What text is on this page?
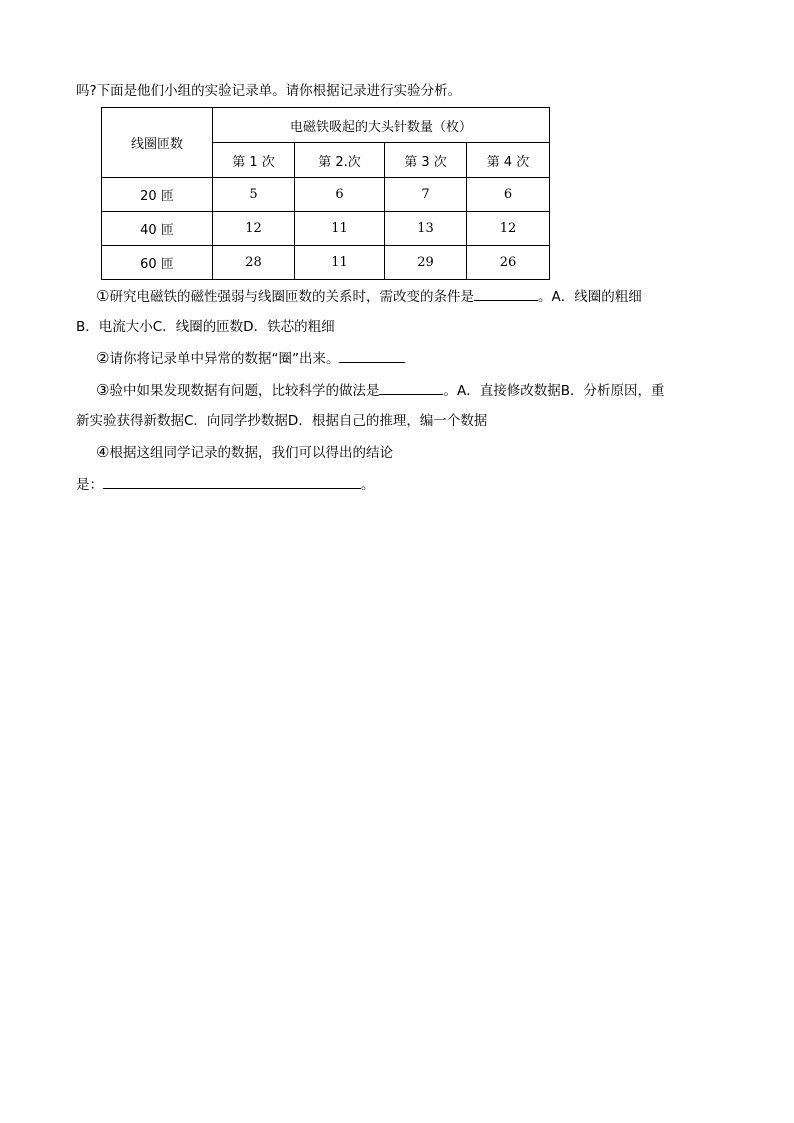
吗?下面是他们小组的实验记录单。请你根据记录进行实验分析。
线圈匝数	电磁铁吸起的大头针数量（枚）			
	第 1 次	第 2.次	第 3 次	第 4 次
20 匝	5	6	7	6
40 匝	12	11	13	12
60 匝	28	11	29	26
①研究电磁铁的磁性强弱与线圈匝数的关系时，需改变的条件是	。A．线圈的粗细
B．电流大小C．线圈的匝数D．铁芯的粗细
②请你将记录单中异常的数据“圈”出来。
③验中如果发现数据有问题，比较科学的做法是	。A．直接修改数据B．分析原因，重
新实验获得新数据C．向同学抄数据D．根据自己的推理，编一个数据
④根据这组同学记录的数据，我们可以得出的结论
是：	。
